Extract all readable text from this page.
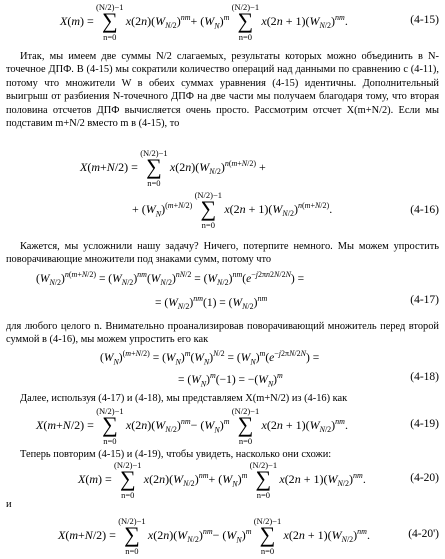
X(m) =
(N/2)−1
∑
n=0
$x(2n)(W_{N/2})^{nm}+ (W_N)^m$
(N/2)−1
∑
n=0
$x(2n + 1)(W_{N/2})^{nm}$.	(4-15)

Итак, мы имеем две суммы N/2 слагаемых, результаты которых можно объединить в N-точечное ДПФ. В (4-15) мы сократили количество операций над данными по сравнению с (4-11), потому что множители W в обеих суммах уравнения (4-15) идентичны. Дополнительный выигрыш от разбиения N-точечного ДПФ на две части мы получаем благодаря тому, что вторая половина отсчетов ДПФ вычисляется очень просто. Рассмотрим отсчет X(m+N/2). Если мы подставим m+N/2 вместо m в (4-15), то

X(m+N/2) =
(N/2)−1
∑
n=0
$x(2n)(W_{N/2})^{n(m+N/2)}$ +
+ $(W_N)^{(m+N/2)}$
(N/2)−1
∑
n=0
$x(2n + 1)(W_{N/2})^{n(m+N/2)}$.	(4-16)

Кажется, мы усложнили нашу задачу? Ничего, потерпите немного. Мы можем упростить поворачивающие множители под знаками сумм, потому что

$(W_{N/2})^{n(m+N/2)} = (W_{N/2})^{nm}(W_{N/2})^{nN/2} = (W_{N/2})^{nm}(e^{-j2\pi n2N/2N})$ =
= $(W_{N/2})^{nm}(1) = (W_{N/2})^{nm}$	(4-17)

для любого целого n. Внимательно проанализировав поворачивающий множитель перед второй суммой в (4-16), мы можем упростить его как

$(W_N)^{(m+N/2)} = (W_N)^m(W_N)^{N/2} = (W_N)^m(e^{-j2\pi N/2N})$ =
= $(W_N)^m(-1) = -(W_N)^m$	(4-18)

Далее, используя (4-17) и (4-18), мы представляем X(m+N/2) из (4-16) как

X(m+N/2) =
(N/2)−1
∑
n=0
$x(2n)(W_{N/2})^{nm}- (W_N)^m$
(N/2)−1
∑
n=0
$x(2n + 1)(W_{N/2})^{nm}$.	(4-19)

Теперь повторим (4-15) и (4-19), чтобы увидеть, насколько они схожи:

X(m) =
(N/2)−1
∑
n=0
$x(2n)(W_{N/2})^{nm}+ (W_N)^m$
(N/2)−1
∑
n=0
$x(2n + 1)(W_{N/2})^{nm}$.	(4-20)

и

X(m+N/2) =
(N/2)−1
∑
n=0
$x(2n)(W_{N/2})^{nm}- (W_N)^m$
(N/2)−1
∑
n=0
$x(2n + 1)(W_{N/2})^{nm}$.	(4-20')
